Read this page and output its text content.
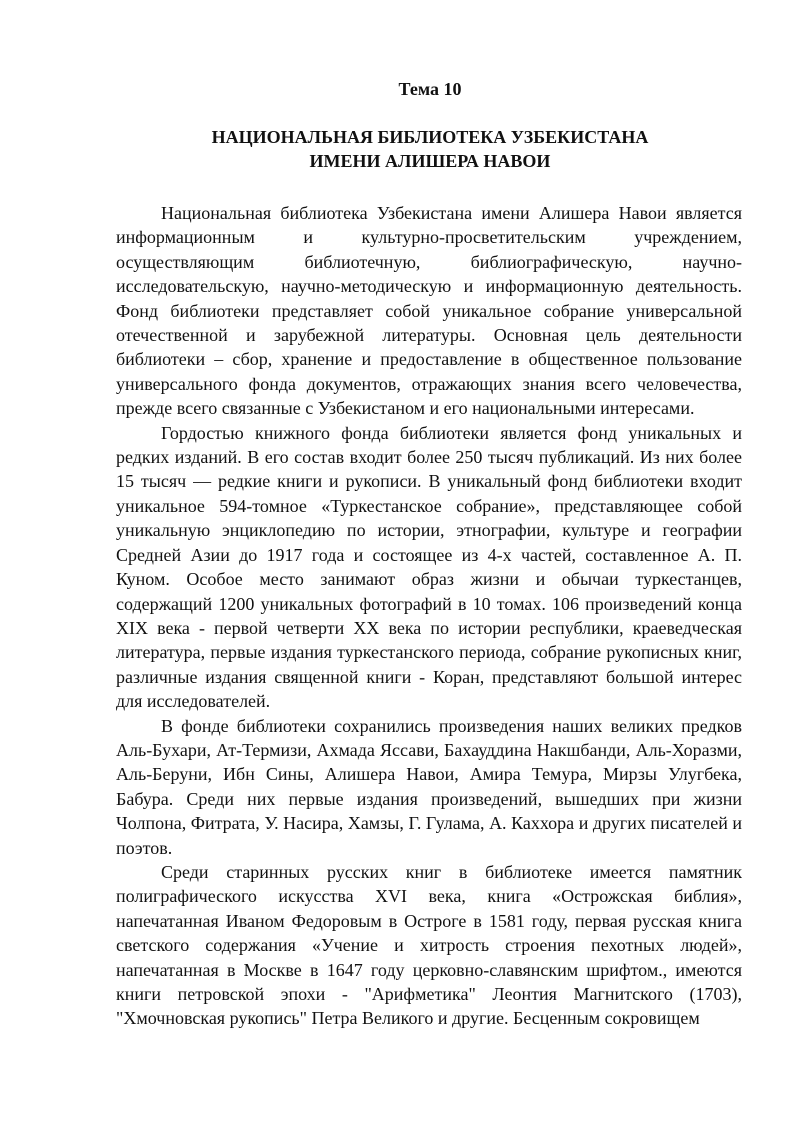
Тема 10
НАЦИОНАЛЬНАЯ БИБЛИОТЕКА УЗБЕКИСТАНА
ИМЕНИ АЛИШЕРА НАВОИ

Национальная библиотека Узбекистана имени Алишера Навои является информационным и культурно-просветительским учреждением, осуществляющим библиотечную, библиографическую, научно-исследовательскую, научно-методическую и информационную деятельность. Фонд библиотеки представляет собой уникальное собрание универсальной отечественной и зарубежной литературы. Основная цель деятельности библиотеки – сбор, хранение и предоставление в общественное пользование универсального фонда документов, отражающих знания всего человечества, прежде всего связанные с Узбекистаном и его национальными интересами.

Гордостью книжного фонда библиотеки является фонд уникальных и редких изданий. В его состав входит более 250 тысяч публикаций. Из них более 15 тысяч — редкие книги и рукописи. В уникальный фонд библиотеки входит уникальное 594-томное «Туркестанское собрание», представляющее собой уникальную энциклопедию по истории, этнографии, культуре и географии Средней Азии до 1917 года и состоящее из 4-х частей, составленное А. П. Куном. Особое место занимают образ жизни и обычаи туркестанцев, содержащий 1200 уникальных фотографий в 10 томах. 106 произведений конца XIX века - первой четверти XX века по истории республики, краеведческая литература, первые издания туркестанского периода, собрание рукописных книг, различные издания священной книги - Коран, представляют большой интерес для исследователей.

В фонде библиотеки сохранились произведения наших великих предков Аль-Бухари, Ат-Термизи, Ахмада Яссави, Бахауддина Накшбанди, Аль-Хоразми, Аль-Беруни, Ибн Сины, Алишера Навои, Амира Темура, Мирзы Улугбека, Бабура. Среди них первые издания произведений, вышедших при жизни Чолпона, Фитрата, У. Насира, Хамзы, Г. Гулама, А. Каххора и других писателей и поэтов.

Среди старинных русских книг в библиотеке имеется памятник полиграфического искусства XVI века, книга «Острожская библия», напечатанная Иваном Федоровым в Остроге в 1581 году, первая русская книга светского содержания «Учение и хитрость строения пехотных людей», напечатанная в Москве в 1647 году церковно-славянским шрифтом., имеются книги петровской эпохи - "Арифметика" Леонтия Магнитского (1703), "Хмочновская рукопись" Петра Великого и другие. Бесценным сокровищем
